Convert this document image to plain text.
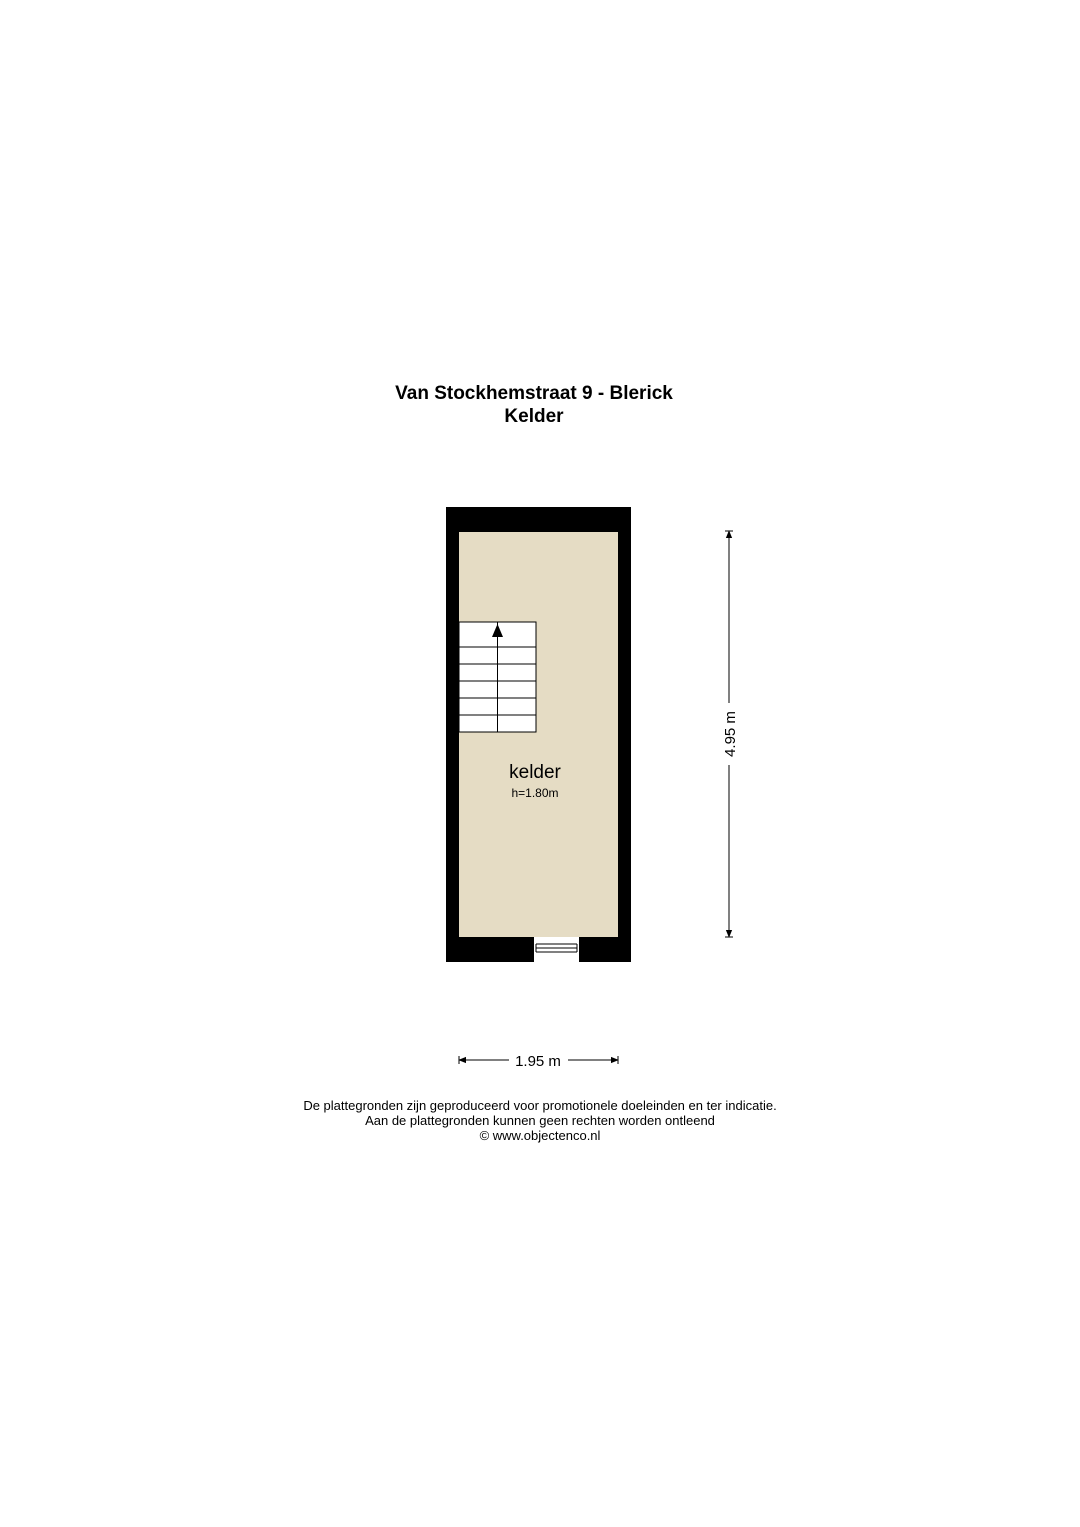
Van Stockhemstraat 9 - Blerick
Kelder
kelder
h=1.80m
4.95 m
1.95 m
De plattegronden zijn geproduceerd voor promotionele doeleinden en ter indicatie.
Aan de plattegronden kunnen geen rechten worden ontleend
© www.objectenco.nl
